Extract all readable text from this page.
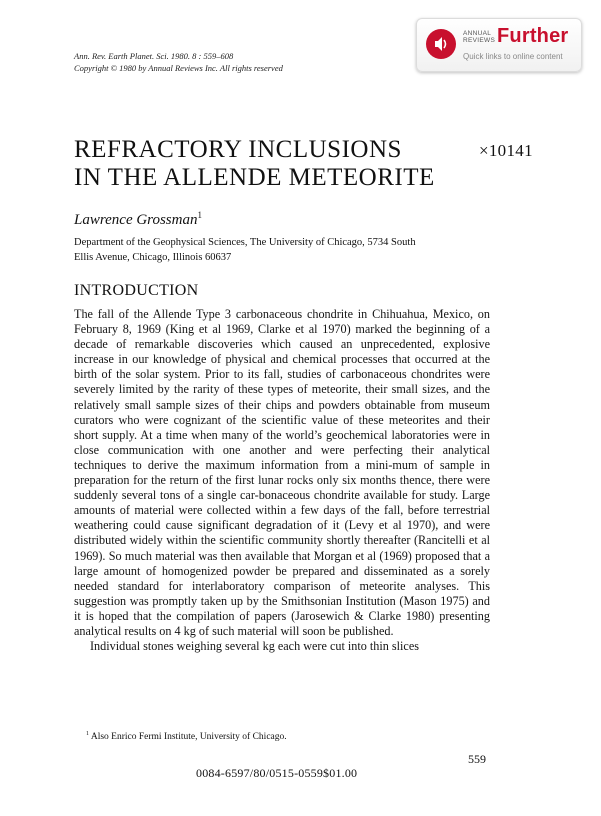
Ann. Rev. Earth Planet. Sci. 1980. 8 : 559–608
Copyright © 1980 by Annual Reviews Inc. All rights reserved
ANNUAL
REVIEWS Further
Quick links to online content
REFRACTORY INCLUSIONS
IN THE ALLENDE METEORITE
×10141
Lawrence Grossman$^1$
Department of the Geophysical Sciences, The University of Chicago, 5734 South
Ellis Avenue, Chicago, Illinois 60637
INTRODUCTION

The fall of the Allende Type 3 carbonaceous chondrite in Chihuahua, Mexico, on February 8, 1969 (King et al 1969, Clarke et al 1970) marked the beginning of a decade of remarkable discoveries which caused an unprecedented, explosive increase in our knowledge of physical and chemical processes that occurred at the birth of the solar system. Prior to its fall, studies of carbonaceous chondrites were severely limited by the rarity of these types of meteorite, their small sizes, and the relatively small sample sizes of their chips and powders obtainable from museum curators who were cognizant of the scientific value of these meteorites and their short supply. At a time when many of the world’s geochemical laboratories were in close communication with one another and were perfecting their analytical techniques to derive the maximum information from a mini-mum of sample in preparation for the return of the first lunar rocks only six months thence, there were suddenly several tons of a single car-bonaceous chondrite available for study. Large amounts of material were collected within a few days of the fall, before terrestrial weathering could cause significant degradation of it (Levy et al 1970), and were distributed widely within the scientific community shortly thereafter (Rancitelli et al 1969). So much material was then available that Morgan et al (1969) proposed that a large amount of homogenized powder be prepared and disseminated as a sorely needed standard for interlaboratory comparison of meteorite analyses. This suggestion was promptly taken up by the Smithsonian Institution (Mason 1975) and it is hoped that the compilation of papers (Jarosewich & Clarke 1980) presenting analytical results on 4 kg of such material will soon be published.

Individual stones weighing several kg each were cut into thin slices

$^1$ Also Enrico Fermi Institute, University of Chicago.
559
0084-6597/80/0515-0559$01.00
